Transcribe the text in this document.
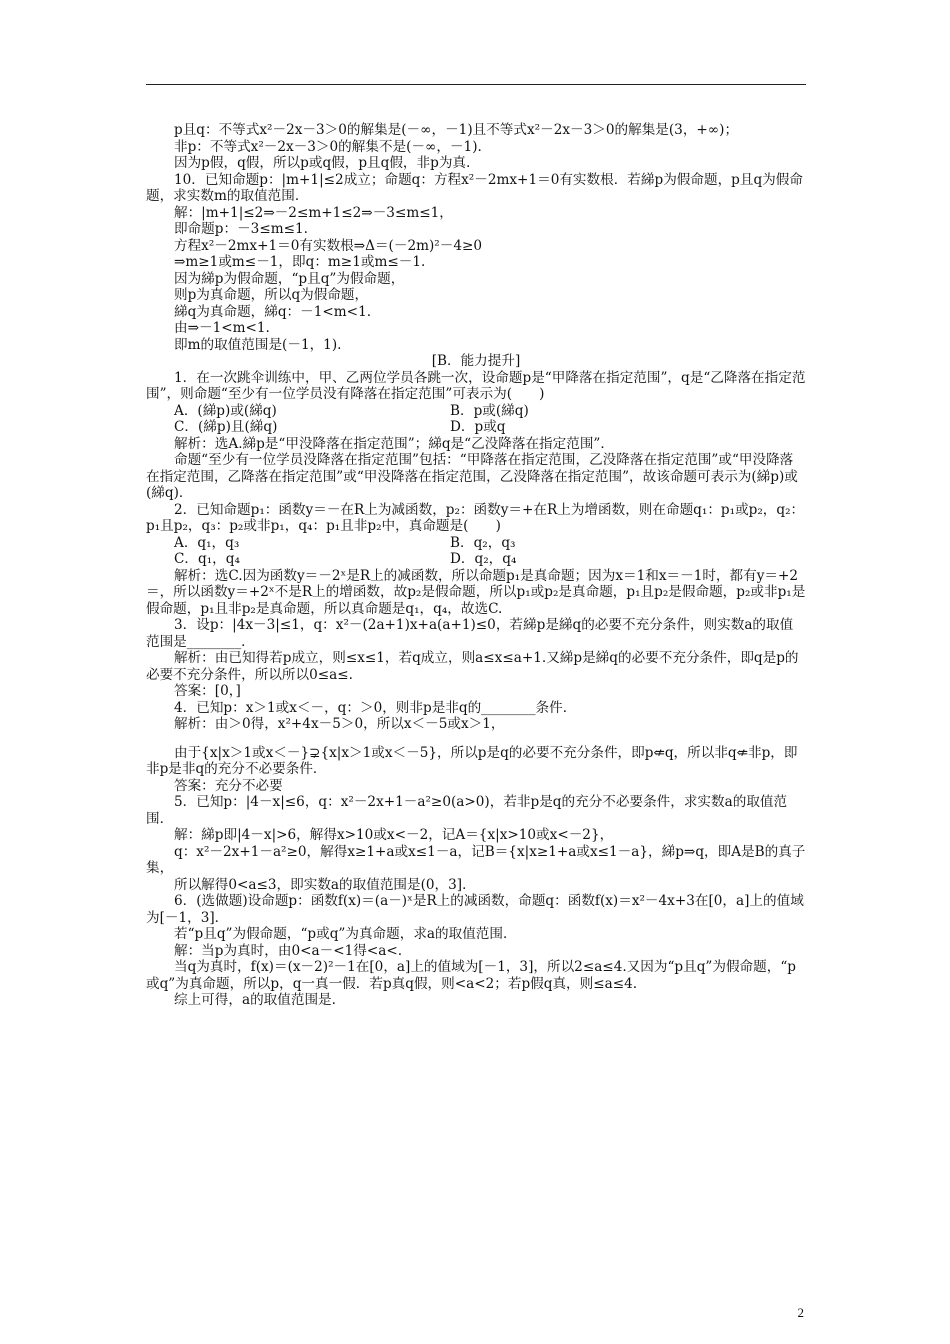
p且q：不等式x²－2x－3＞0的解集是(－∞，－1)且不等式x²－2x－3＞0的解集是(3，+∞)；

非p：不等式x²－2x－3＞0的解集不是(－∞，－1).

因为p假，q假，所以p或q假，p且q假，非p为真.

10．已知命题p：|m+1|≤2成立；命题q：方程x²－2mx+1＝0有实数根．若綈p为假命题，p且q为假命题，求实数m的取值范围．

解：|m+1|≤2⇒－2≤m+1≤2⇒－3≤m≤1，

即命题p：－3≤m≤1.

方程x²－2mx+1＝0有实数根⇒Δ＝(－2m)²－4≥0

⇒m≥1或m≤－1，即q：m≥1或m≤－1.

因为綈p为假命题，“p且q”为假命题，

则p为真命题，所以q为假命题，

綈q为真命题，綈q：－1<m<1.

由⇒－1<m<1.

即m的取值范围是(－1，1).

[B．能力提升]

1．在一次跳伞训练中，甲、乙两位学员各跳一次，设命题p是“甲降落在指定范围”，q是“乙降落在指定范围”，则命题“至少有一位学员没有降落在指定范围”可表示为(　　)

A．(綈p)或(綈q)	B．p或(綈q)
C．(綈p)且(綈q)	D．p或q

解析：选A.綈p是“甲没降落在指定范围”；綈q是“乙没降落在指定范围”．

命题“至少有一位学员没降落在指定范围”包括：“甲降落在指定范围，乙没降落在指定范围”或“甲没降落在指定范围，乙降落在指定范围”或“甲没降落在指定范围，乙没降落在指定范围”，故该命题可表示为(綈p)或(綈q)．

2．已知命题p₁：函数y＝－在R上为减函数，p₂：函数y＝+在R上为增函数，则在命题q₁：p₁或p₂，q₂：p₁且p₂，q₃：p₂或非p₁，q₄：p₁且非p₂中，真命题是(　　)

A．q₁，q₃	B．q₂，q₃
C．q₁，q₄	D．q₂，q₄

解析：选C.因为函数y＝－2ˣ是R上的减函数，所以命题p₁是真命题；因为x＝1和x＝－1时，都有y＝+2＝，所以函数y＝+2ˣ不是R上的增函数，故p₂是假命题，所以p₁或p₂是真命题，p₁且p₂是假命题，p₂或非p₁是假命题，p₁且非p₂是真命题，所以真命题是q₁，q₄，故选C.

3．设p：|4x－3|≤1，q：x²－(2a+1)x+a(a+1)≤0，若綈p是綈q的必要不充分条件，则实数a的取值范围是________．

解析：由已知得若p成立，则≤x≤1，若q成立，则a≤x≤a+1.又綈p是綈q的必要不充分条件，即q是p的必要不充分条件，所以所以0≤a≤.

答案：[0，]

4．已知p：x＞1或x＜－，q：＞0，则非p是非q的________条件．

解析：由＞0得，x²+4x－5＞0，所以x＜－5或x＞1，

由于{x|x＞1或x＜－}⊋{x|x＞1或x＜－5}，所以p是q的必要不充分条件，即p⇍q，所以非q⇍非p，即非p是非q的充分不必要条件．

答案：充分不必要

5．已知p：|4－x|≤6，q：x²－2x+1－a²≥0(a>0)，若非p是q的充分不必要条件，求实数a的取值范围．

解：綈p即|4－x|>6，解得x>10或x<－2，记A＝{x|x>10或x<－2}，

q：x²－2x+1－a²≥0，解得x≥1+a或x≤1－a，记B＝{x|x≥1+a或x≤1－a}，綈p⇒q，即A是B的真子集，

所以解得0<a≤3，即实数a的取值范围是(0，3]．

6．(选做题)设命题p：函数f(x)＝(a－)ˣ是R上的减函数，命题q：函数f(x)＝x²－4x+3在[0，a]上的值域为[－1，3]．

若“p且q”为假命题，“p或q”为真命题，求a的取值范围．

解：当p为真时，由0<a－<1得<a<.

当q为真时，f(x)＝(x－2)²－1在[0，a]上的值域为[－1，3]，所以2≤a≤4.又因为“p且q”为假命题，“p或q”为真命题，所以p，q一真一假．若p真q假，则<a<2；若p假q真，则≤a≤4.

综上可得，a的取值范围是.

2
